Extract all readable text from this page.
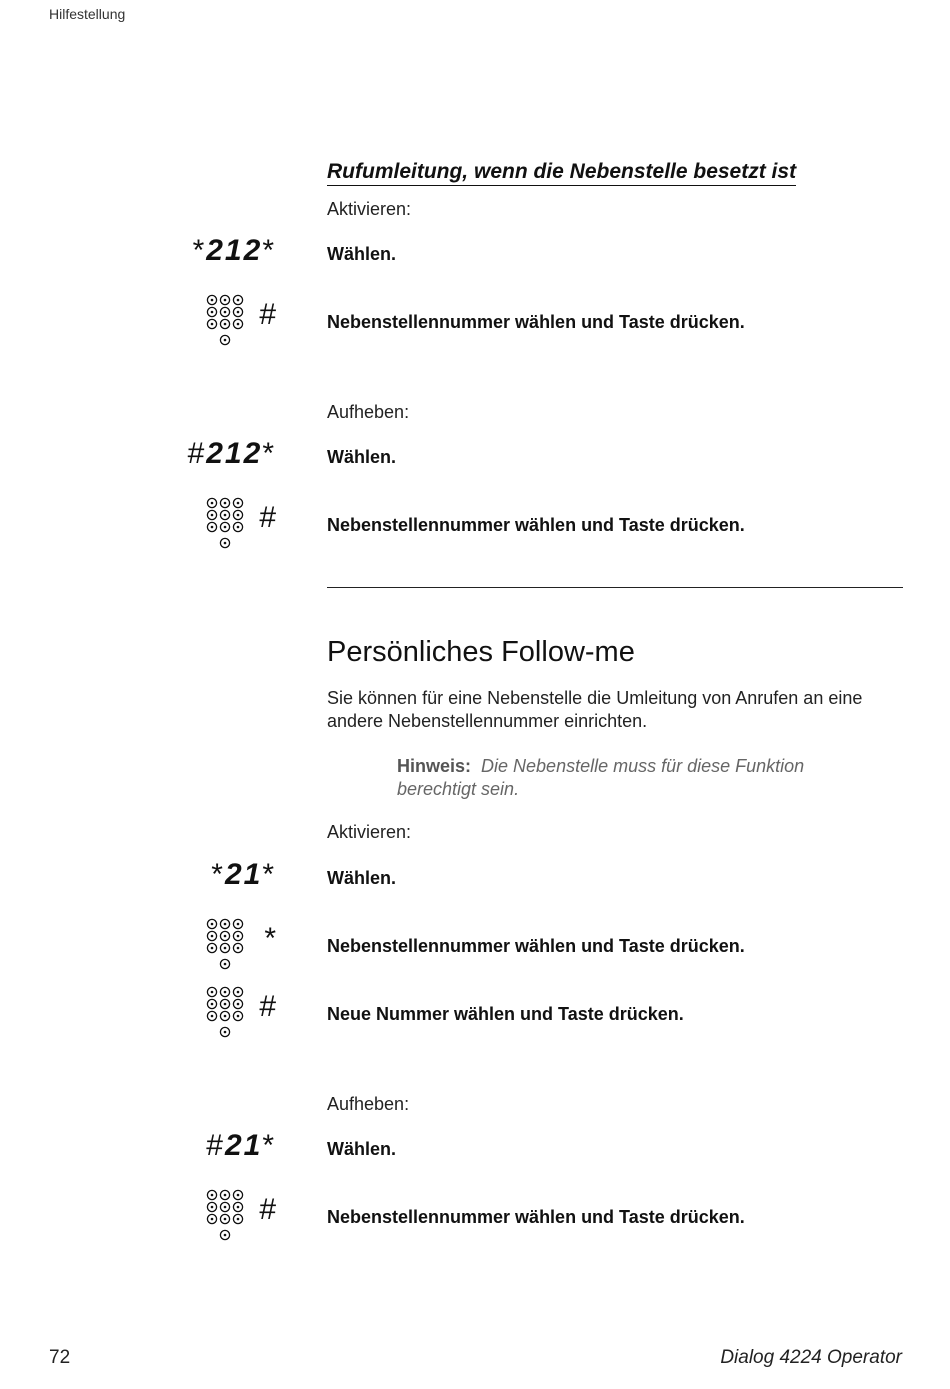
Hilfestellung
Rufumleitung, wenn die Nebenstelle besetzt ist
Aktivieren:
*212*	Wählen.
#	Nebenstellennummer wählen und Taste drücken.
Aufheben:
#212*	Wählen.
#	Nebenstellennummer wählen und Taste drücken.
Persönliches Follow-me
Sie können für eine Nebenstelle die Umleitung von Anrufen an eine andere Nebenstellennummer einrichten.
Hinweis: Die Nebenstelle muss für diese Funktion berechtigt sein.
Aktivieren:
*21*	Wählen.
*	Nebenstellennummer wählen und Taste drücken.
#	Neue Nummer wählen und Taste drücken.
Aufheben:
#21*	Wählen.
#	Nebenstellennummer wählen und Taste drücken.
72	Dialog 4224 Operator
